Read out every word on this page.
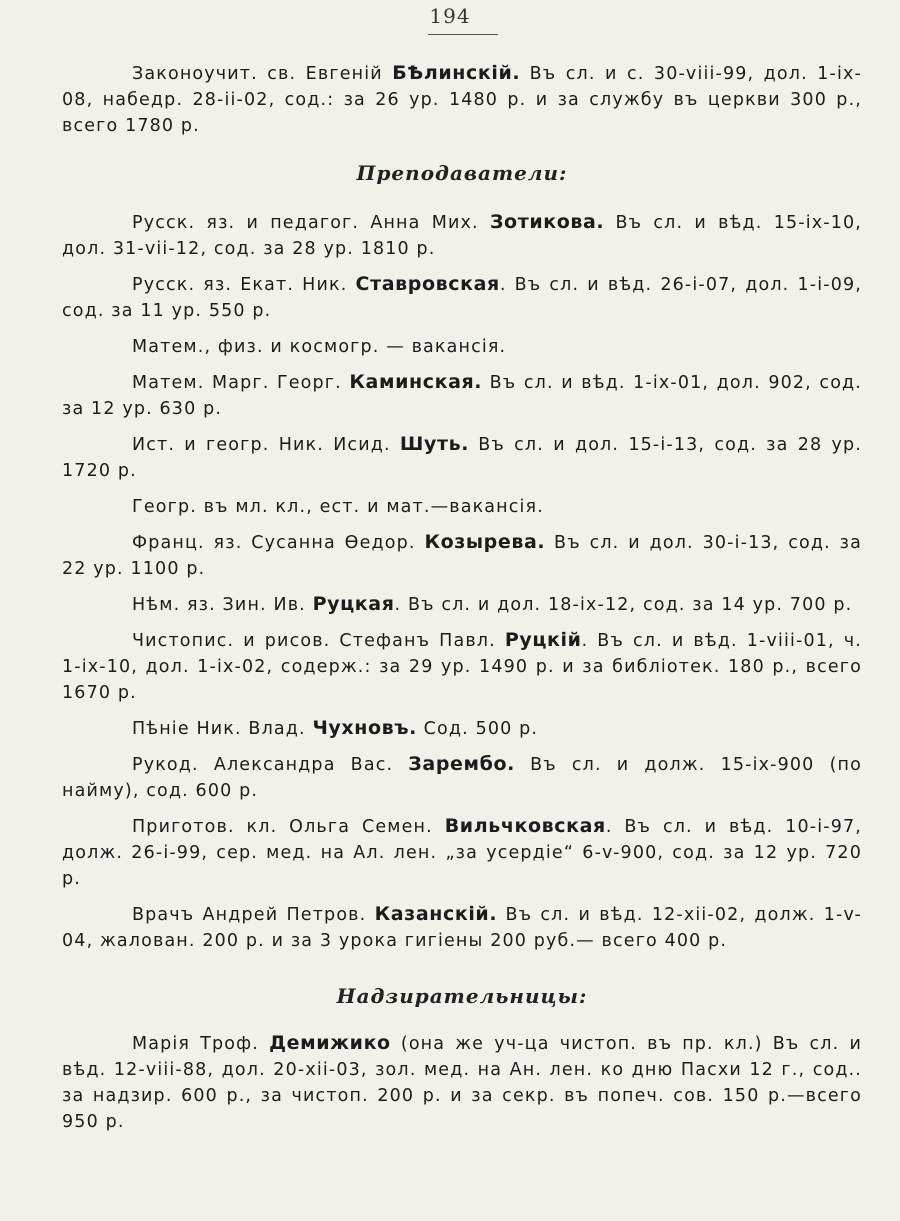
194

Законоучит. св. Евгеній БѢлинскій. Въ сл. и с. 30-viii-99, дол. 1-ix-08, набедр. 28-ii-02, сод.: за 26 ур. 1480 р. и за службу въ церкви 300 р., всего 1780 р.

Преподаватели:

Русск. яз. и педагог. Анна Мих. Зотикова. Въ сл. и вѣд. 15-ix-10, дол. 31-vii-12, сод. за 28 ур. 1810 р.

Русск. яз. Екат. Ник. Ставровская. Въ сл. и вѣд. 26-i-07, дол. 1-i-09, сод. за 11 ур. 550 р.

Матем., физ. и космогр. — вакансія.

Матем. Марг. Георг. Каминская. Въ сл. и вѣд. 1-ix-01, дол. 902, сод. за 12 ур. 630 р.

Ист. и геогр. Ник. Исид. Шуть. Въ сл. и дол. 15-i-13, сод. за 28 ур. 1720 р.

Геогр. въ мл. кл., ест. и мат.—вакансія.

Франц. яз. Сусанна Өедор. Козырева. Въ сл. и дол. 30-i-13, сод. за 22 ур. 1100 р.

Нѣм. яз. Зин. Ив. Руцкая. Въ сл. и дол. 18-ix-12, сод. за 14 ур. 700 р.

Чистопис. и рисов. Стефанъ Павл. Руцкій. Въ сл. и вѣд. 1-viii-01, ч. 1-ix-10, дол. 1-ix-02, содерж.: за 29 ур. 1490 р. и за библіотек. 180 р., всего 1670 р.

Пѣніе Ник. Влад. Чухновъ. Сод. 500 р.

Рукод. Александра Вас. Зарембо. Въ сл. и долж. 15-ix-900 (по найму), сод. 600 р.

Приготов. кл. Ольга Семен. Вильчковская. Въ сл. и вѣд. 10-i-97, долж. 26-i-99, сер. мед. на Ал. лен. „за усердіе“ 6-v-900, сод. за 12 ур. 720 р.

Врачъ Андрей Петров. Казанскій. Въ сл. и вѣд. 12-xii-02, долж. 1-v-04, жалован. 200 р. и за 3 урока гигіены 200 руб.— всего 400 р.

Надзирательницы:

Марія Троф. Демижико (она же уч-ца чистоп. въ пр. кл.) Въ сл. и вѣд. 12-viii-88, дол. 20-xii-03, зол. мед. на Ан. лен. ко дню Пасхи 12 г., сод.. за надзир. 600 р., за чистоп. 200 р. и за секр. въ попеч. сов. 150 р.—всего 950 р.
